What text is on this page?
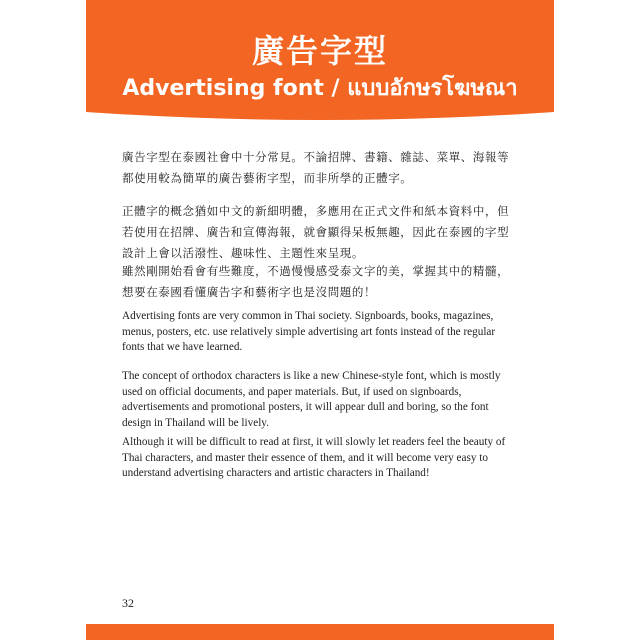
廣告字型
Advertising font / แบบอักษรโฆษณา
廣告字型在泰國社會中十分常見。不論招牌、書籍、雜誌、菜單、海報等都使用較為簡單的廣告藝術字型，而非所學的正體字。
正體字的概念猶如中文的新細明體，多應用在正式文件和紙本資料中，但若使用在招牌、廣告和宣傳海報，就會顯得呆板無趣，因此在泰國的字型設計上會以活潑性、趣味性、主題性來呈現。
雖然剛開始看會有些難度，不過慢慢感受泰文字的美，掌握其中的精髓，想要在泰國看懂廣告字和藝術字也是沒問題的！
Advertising fonts are very common in Thai society. Signboards, books, magazines, menus, posters, etc. use relatively simple advertising art fonts instead of the regular fonts that we have learned.
The concept of orthodox characters is like a new Chinese-style font, which is mostly used on official documents, and paper materials. But, if used on signboards, advertisements and promotional posters, it will appear dull and boring, so the font design in Thailand will be lively.
Although it will be difficult to read at first, it will slowly let readers feel the beauty of Thai characters, and master their essence of them, and it will become very easy to understand advertising characters and artistic characters in Thailand!
32
